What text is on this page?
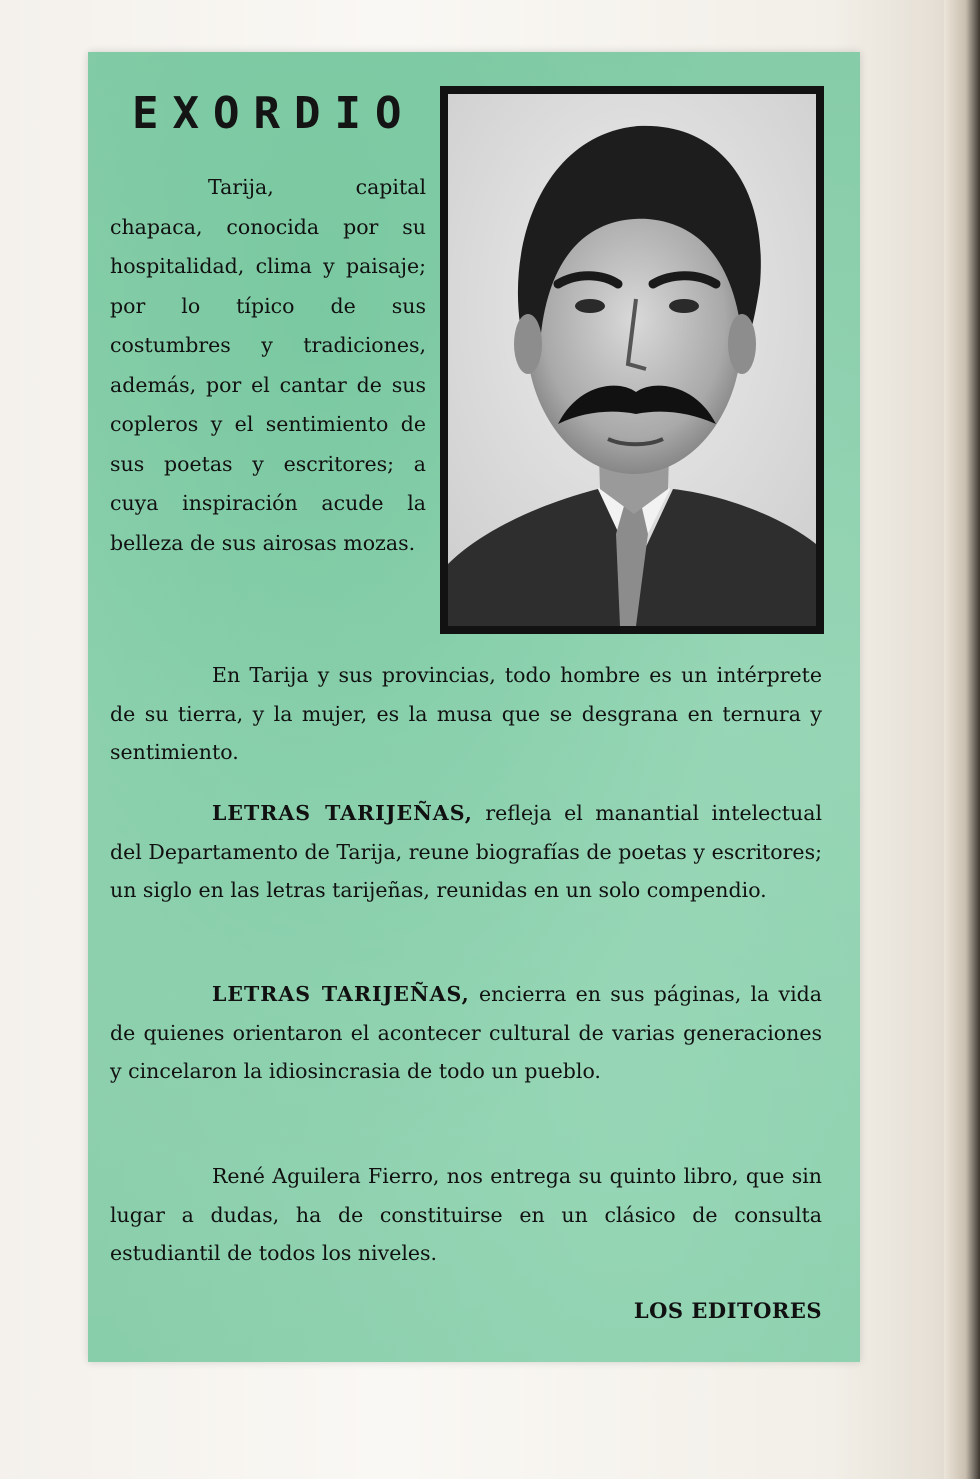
EXORDIO

Tarija, capital chapaca, conocida por su hospitalidad, clima y paisaje; por lo típico de sus costumbres y tradiciones, además, por el cantar de sus copleros y el sentimiento de sus poetas y escritores; a cuya inspiración acude la belleza de sus airosas mozas.

En Tarija y sus provincias, todo hombre es un intérprete de su tierra, y la mujer, es la musa que se desgrana en ternura y sentimiento.

LETRAS TARIJEÑAS, refleja el manantial intelectual del Departamento de Tarija, reune biografías de poetas y escritores; un siglo en las letras tarijeñas, reunidas en un solo compendio.

LETRAS TARIJEÑAS, encierra en sus páginas, la vida de quienes orientaron el acontecer cultural de varias generaciones y cincelaron la idiosincrasia de todo un pueblo.

René Aguilera Fierro, nos entrega su quinto libro, que sin lugar a dudas, ha de constituirse en un clásico de consulta estudiantil de todos los niveles.

LOS EDITORES
